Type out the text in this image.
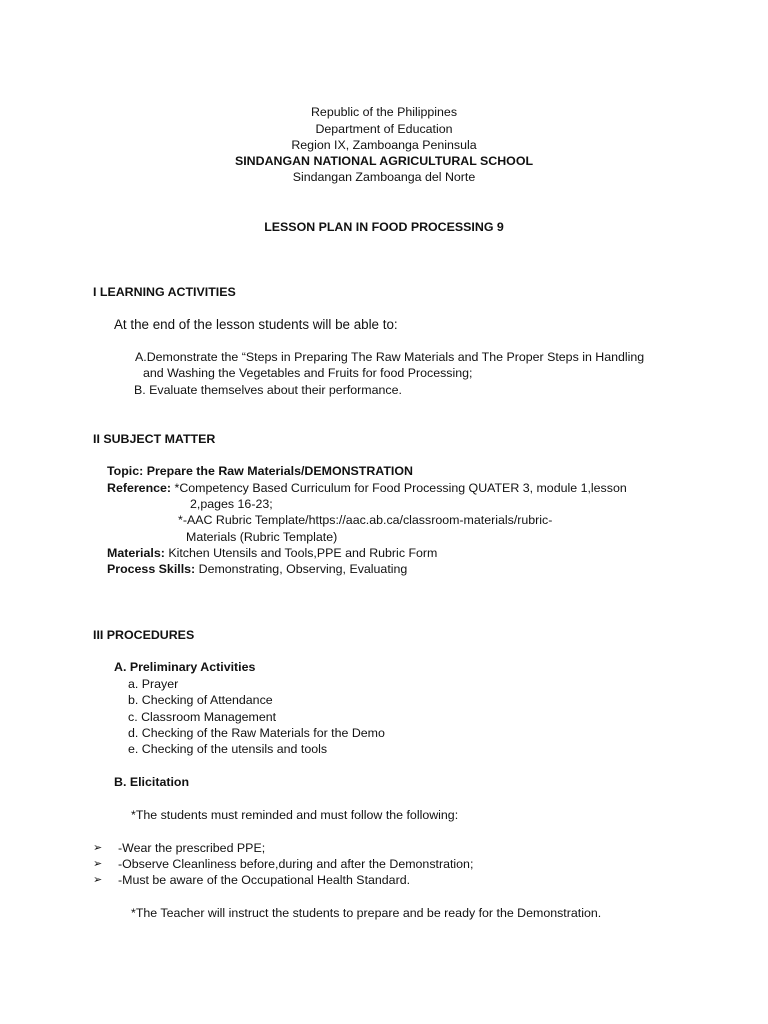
Republic of the Philippines
Department of Education
Region IX, Zamboanga Peninsula
SINDANGAN NATIONAL AGRICULTURAL SCHOOL
Sindangan Zamboanga del Norte
LESSON PLAN IN FOOD PROCESSING 9
I LEARNING ACTIVITIES
At the end of the lesson students will be able to:
A.Demonstrate the “Steps in Preparing The Raw Materials and The Proper Steps in Handling
and Washing the Vegetables and Fruits for food Processing;
B. Evaluate themselves about their performance.
II SUBJECT MATTER
Topic: Prepare the Raw Materials/DEMONSTRATION
Reference: *Competency Based Curriculum for Food Processing QUATER 3, module 1,lesson
2,pages 16-23;
*-AAC Rubric Template/https://aac.ab.ca/classroom-materials/rubric-
Materials (Rubric Template)
Materials: Kitchen Utensils and Tools,PPE and Rubric Form
Process Skills: Demonstrating, Observing, Evaluating
III PROCEDURES
A. Preliminary Activities
a. Prayer
b. Checking of Attendance
c. Classroom Management
d. Checking of the Raw Materials for the Demo
e. Checking of the utensils and tools
B. Elicitation
*The students must reminded and must follow the following:
➢ -Wear the prescribed PPE;
➢ -Observe Cleanliness before,during and after the Demonstration;
➢ -Must be aware of the Occupational Health Standard.
*The Teacher will instruct the students to prepare and be ready for the Demonstration.
